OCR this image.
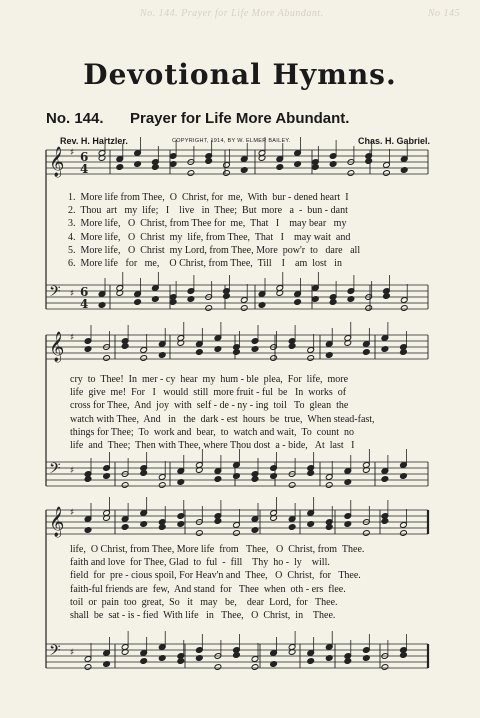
No. 144. Prayer for Life More Abundant.	No 145
Devotional Hymns.
No. 144. Prayer for Life More Abundant.
Rev. H. Hartzler.	COPYRIGHT, 1914, BY W. ELMER BAILEY.	Chas. H. Gabriel.
𝄞 ♯ 6
4
𝄢 ♯ 6
4
𝄞 ♯
𝄢 ♯
𝄞 ♯
𝄢 ♯
1.  More life from Thee,  O  Christ, for  me,  With  bur - dened heart  I
2.  Thou  art   my  life;   I    live   in  Thee;  But  more   a  -  bun - dant
3.  More life,   O  Christ, from Thee for  me,  That   I    may bear   my
4.  More life,   O  Christ  my  life, from Thee,  That   I    may wait  and
5.  More life,   O  Christ  my Lord, from Thee, More  pow'r  to   dare   all
6.  More life   for   me,    O Christ, from Thee,  Till    I    am  lost   in
cry  to  Thee!  In  mer - cy  hear  my  hum - ble  plea,  For  life,  more
life  give  me!  For   I   would  still  more fruit - ful  be   In  works  of
cross for Thee,  And  joy  with  self - de - ny - ing  toil   To  glean  the
watch with Thee,  And   in   the  dark - est  hours  be  true,  When stead-fast,
things for Thee;  To  work and  bear,  to  watch and wait,  To  count  no
life  and  Thee;  Then with Thee, where Thou dost  a - bide,   At  last   I
life,  O Christ, from Thee, More life  from   Thee,   O  Christ, from  Thee.
faith and love  for Thee, Glad  to  ful  -  fill    Thy  ho -  ly    will.
field  for  pre - cious spoil, For Heav'n and  Thee,   O  Christ,  for   Thee.
faith-ful friends are  few,  And stand  for   Thee  when  oth - ers  flee.
toil  or  pain  too  great,  So   it   may   be,    dear  Lord,  for   Thee.
shall  be  sat - is - fied  With life   in   Thee,   O  Christ,  in    Thee.
